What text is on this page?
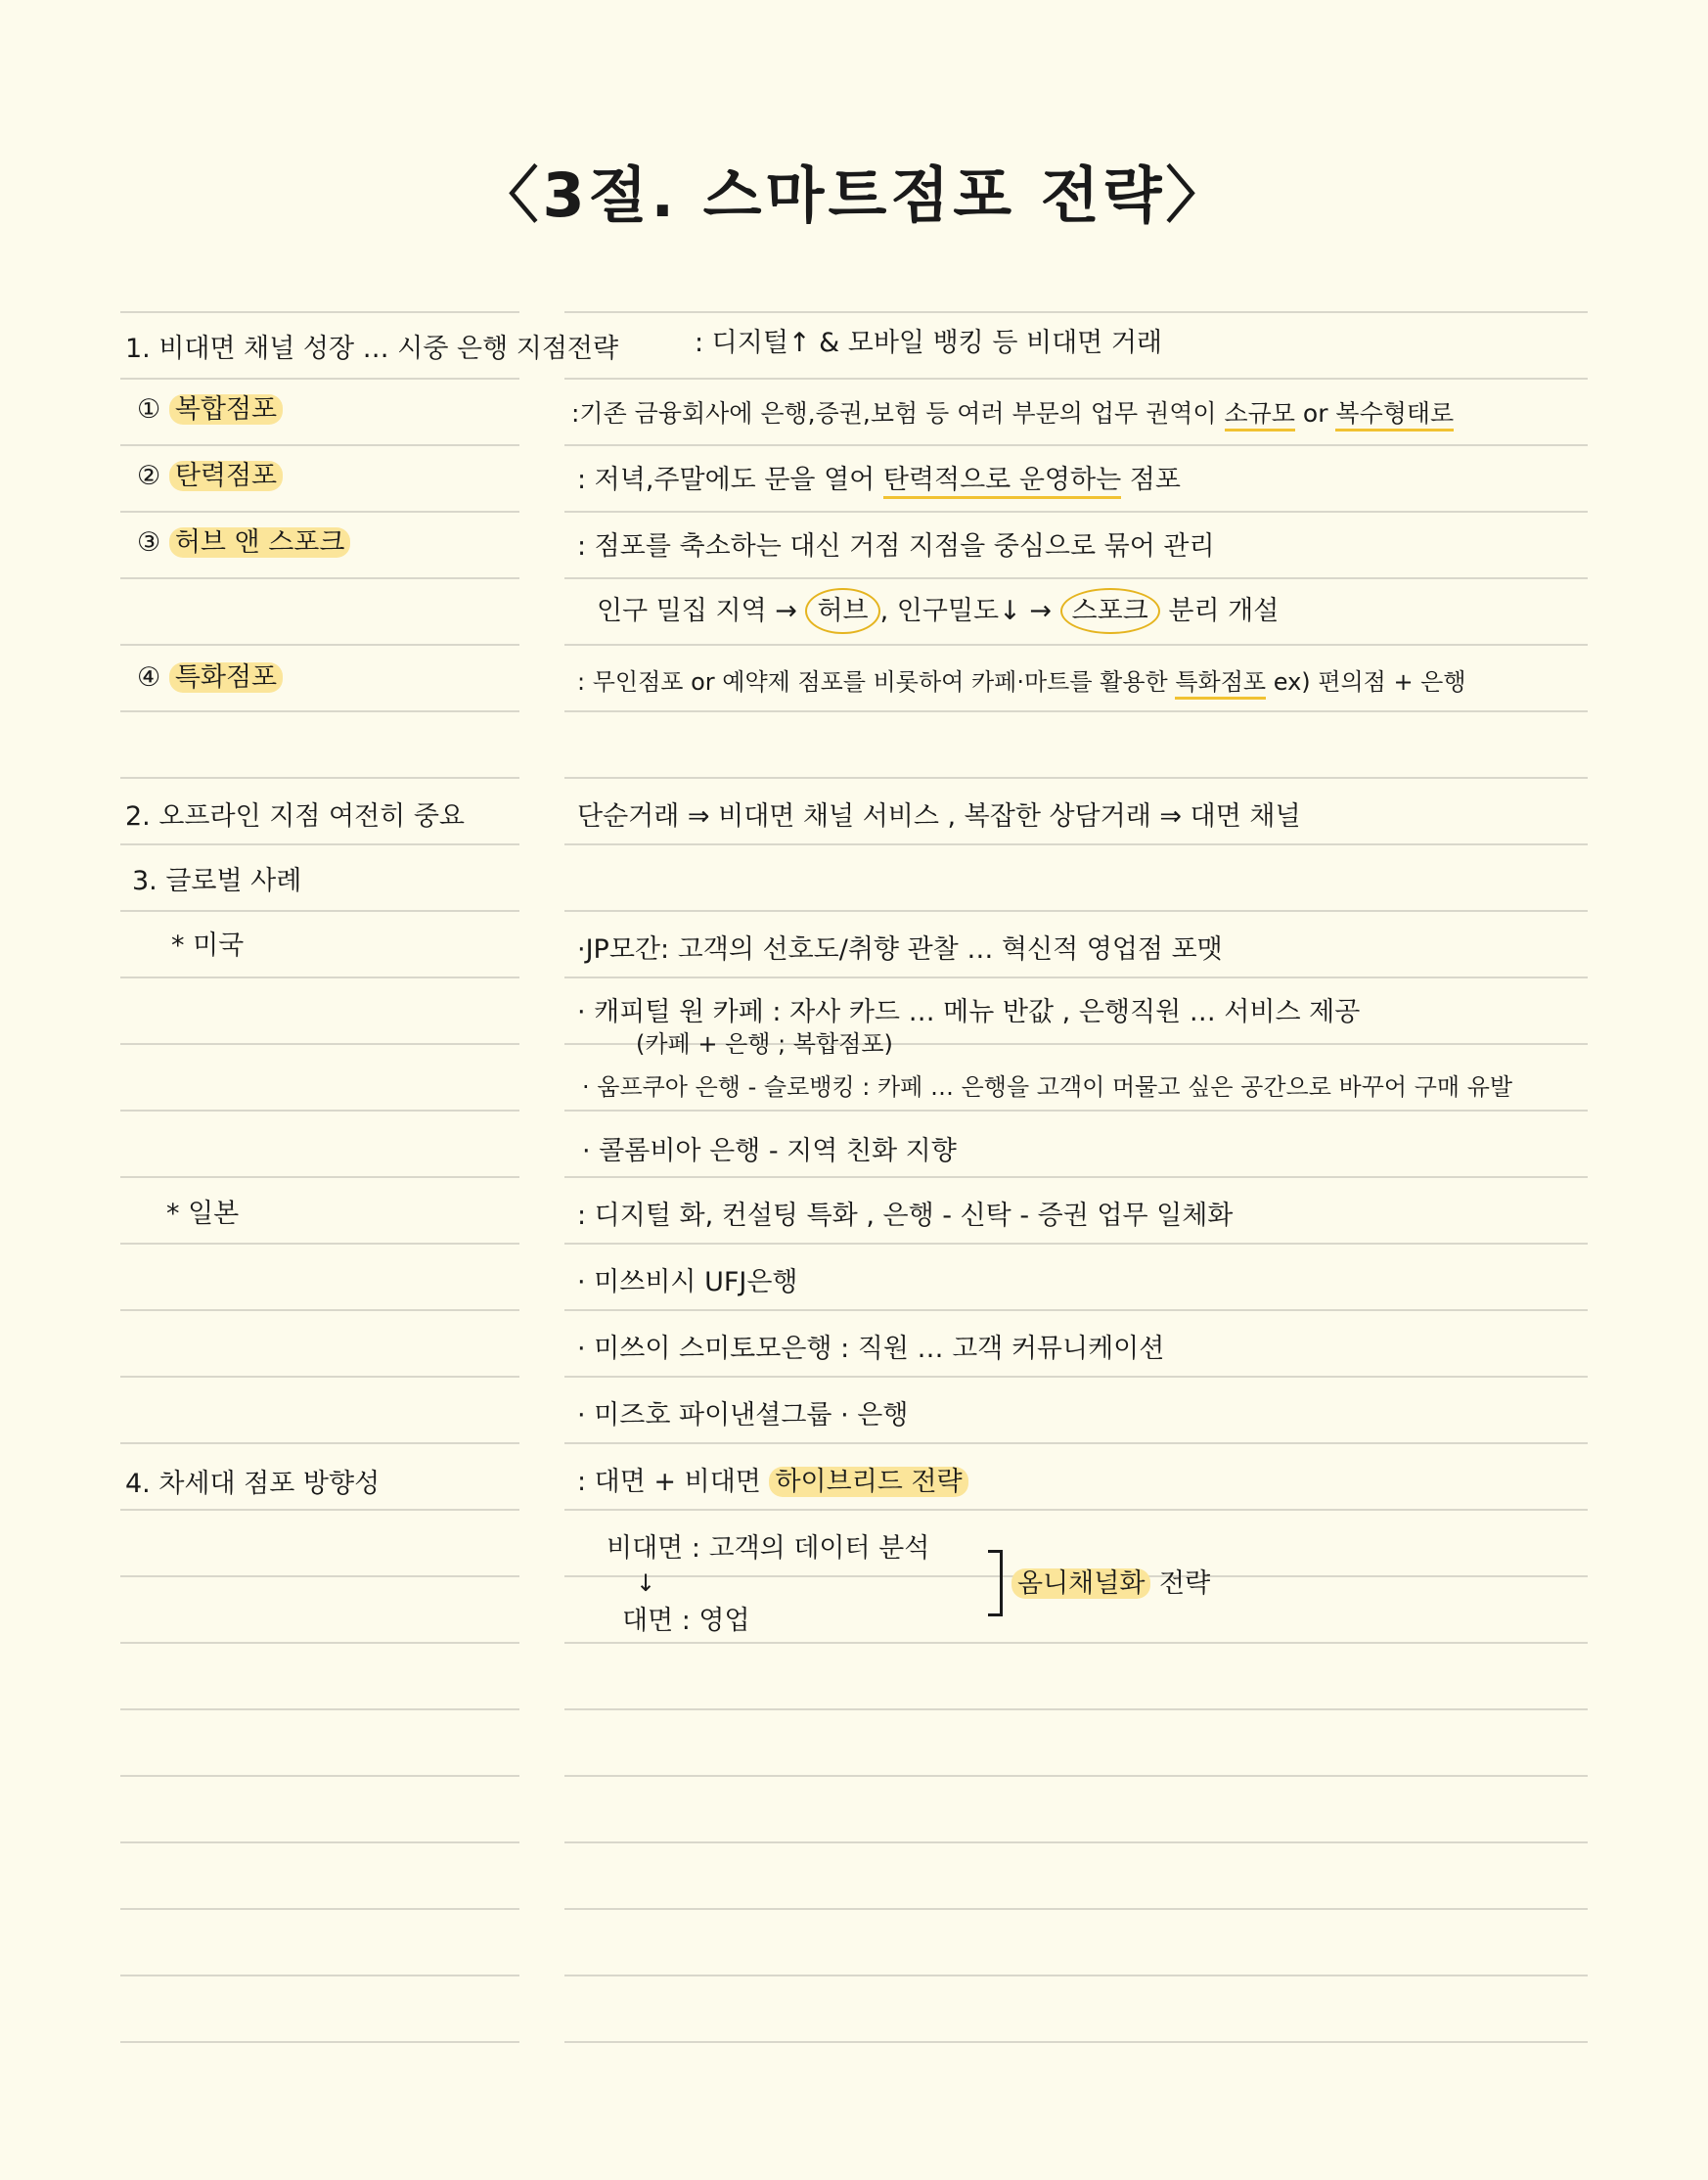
〈3절. 스마트점포 전략〉
1. 비대면 채널 성장 … 시중 은행 지점전략	: 디지털↑ & 모바일 뱅킹 등 비대면 거래
① 복합점포	:기존 금융회사에 은행,증권,보험 등 여러 부문의 업무 권역이 소규모 or 복수형태로
② 탄력점포	: 저녁,주말에도 문을 열어 탄력적으로 운영하는 점포
③ 허브 앤 스포크	: 점포를 축소하는 대신 거점 지점을 중심으로 묶어 관리
인구 밀집 지역 → 허브 , 인구밀도↓ → 스포크 분리 개설
④ 특화점포	: 무인점포 or 예약제 점포를 비롯하여 카페·마트를 활용한 특화점포 ex) 편의점 + 은행
2. 오프라인 지점 여전히 중요	단순거래 ⇒ 비대면 채널 서비스 , 복잡한 상담거래 ⇒ 대면 채널
3. 글로벌 사례
* 미국	·JP모간: 고객의 선호도/취향 관찰 … 혁신적 영업점 포맷
· 캐피털 원 카페 : 자사 카드 … 메뉴 반값 , 은행직원 … 서비스 제공
(카페 + 은행 ; 복합점포)
· 움프쿠아 은행 - 슬로뱅킹 : 카페 … 은행을 고객이 머물고 싶은 공간으로 바꾸어 구매 유발
· 콜롬비아 은행 - 지역 친화 지향
* 일본	: 디지털 화, 컨설팅 특화 , 은행 - 신탁 - 증권 업무 일체화
· 미쓰비시 UFJ은행
· 미쓰이 스미토모은행 : 직원 … 고객 커뮤니케이션
· 미즈호 파이낸셜그룹 · 은행
4. 차세대 점포 방향성	: 대면 + 비대면 하이브리드 전략
비대면 : 고객의 데이터 분석
↓
대면 : 영업
옴니채널화 전략
